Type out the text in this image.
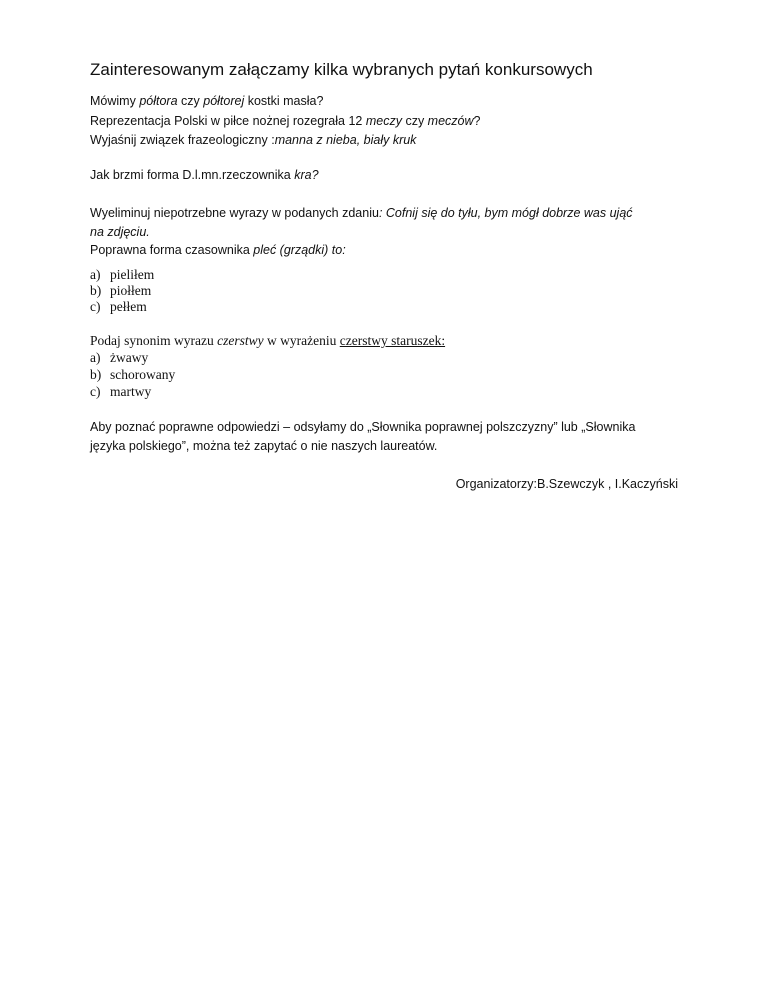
Zainteresowanym załączamy kilka wybranych pytań konkursowych
Mówimy półtora czy półtorej kostki masła?
Reprezentacja Polski w piłce nożnej rozegrała 12 meczy czy meczów?
Wyjaśnij związek frazeologiczny :manna z nieba, biały kruk
Jak brzmi forma D.l.mn.rzeczownika kra?
Wyeliminuj niepotrzebne wyrazy w podanych zdaniu: Cofnij się do tyłu, bym mógł dobrze was ująć
na zdjęciu.
Poprawna forma czasownika pleć (grządki) to:
a) pieliłem
b) piołłem
c) pełłem
Podaj synonim wyrazu czerstwy w wyrażeniu czerstwy staruszek:
a) żwawy
b) schorowany
c) martwy
Aby poznać poprawne odpowiedzi – odsyłamy do „Słownika poprawnej polszczyzny” lub „Słownika
języka polskiego”, można też zapytać o nie naszych laureatów.
Organizatorzy:B.Szewczyk , I.Kaczyński
